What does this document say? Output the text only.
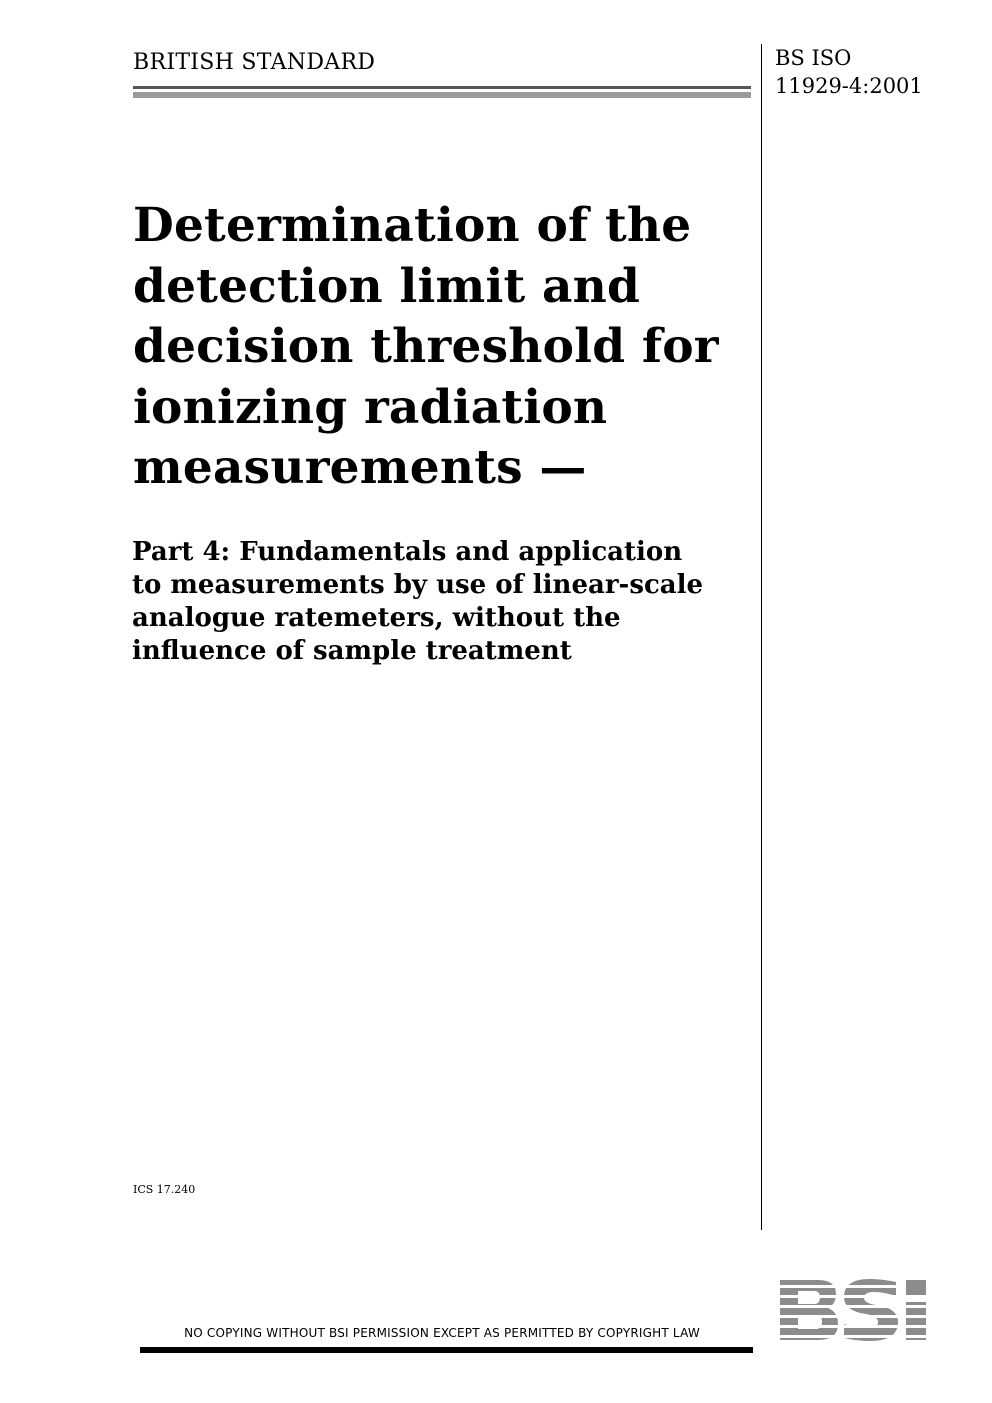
BRITISH STANDARD	BS ISO
11929-4:2001
Determination of the
detection limit and
decision threshold for
ionizing radiation
measurements —
Part 4: Fundamentals and application
to measurements by use of linear-scale
analogue ratemeters, without the
influence of sample treatment
ICS 17.240
NO COPYING WITHOUT BSI PERMISSION EXCEPT AS PERMITTED BY COPYRIGHT LAW
